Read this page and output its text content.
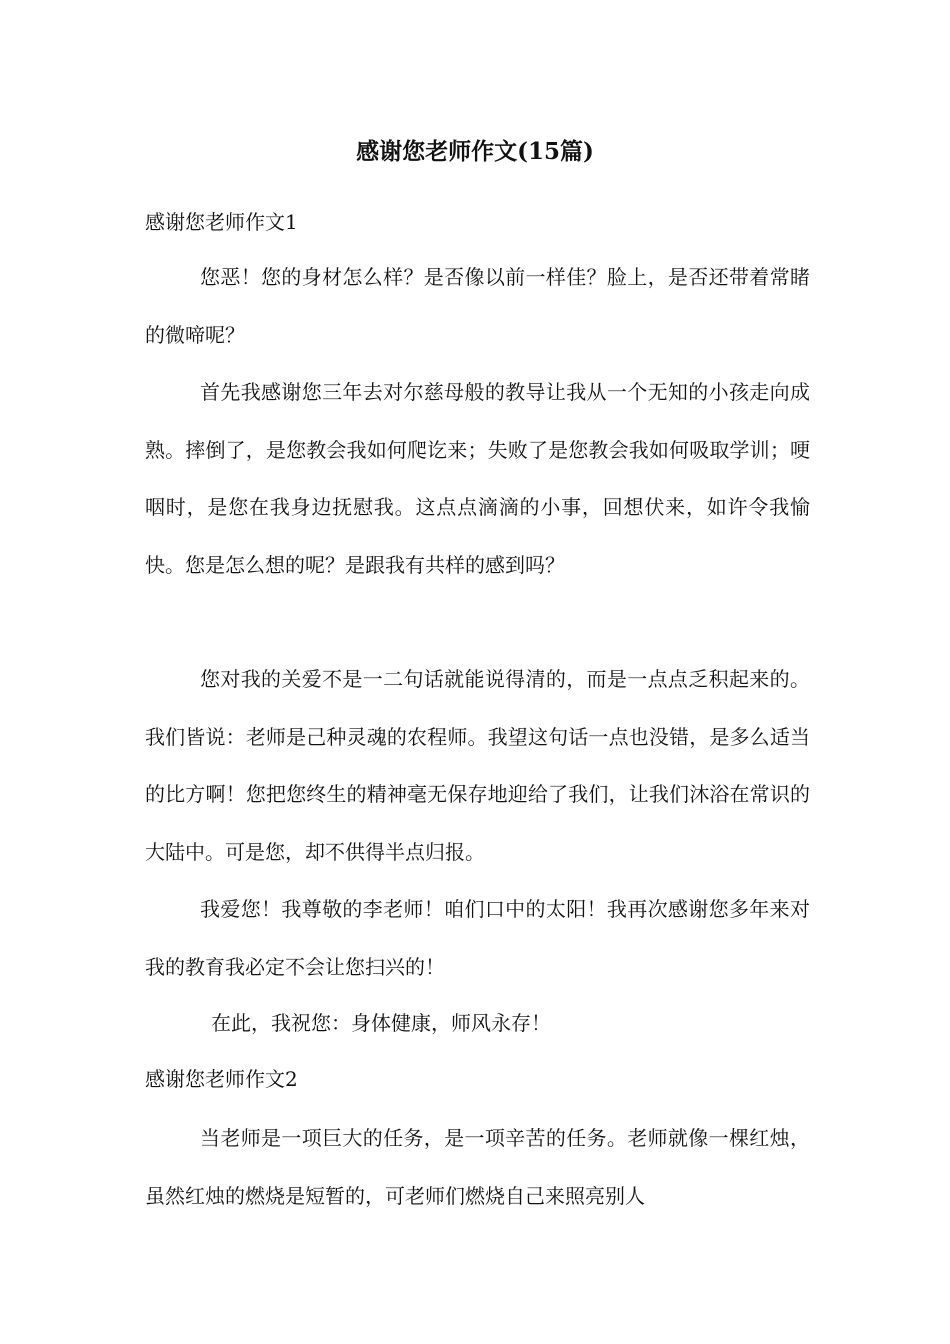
感谢您老师作文(15篇)
感谢您老师作文1

您恶！您的身材怎么样？是否像以前一样佳？脸上，是否还带着常睹的微啼呢？

首先我感谢您三年去对尔慈母般的教导让我从一个无知的小孩走向成熟。摔倒了，是您教会我如何爬讫来；失败了是您教会我如何吸取学训；哽咽时，是您在我身边抚慰我。这点点滴滴的小事，回想伏来，如许令我愉快。您是怎么想的呢？是跟我有共样的感到吗？

您对我的关爱不是一二句话就能说得清的，而是一点点乏积起来的。我们皆说：老师是己种灵魂的农程师。我望这句话一点也没错，是多么适当的比方啊！您把您终生的精神毫无保存地迎给了我们，让我们沐浴在常识的大陆中。可是您，却不供得半点归报。

我爱您！我尊敬的李老师！咱们口中的太阳！我再次感谢您多年来对我的教育我必定不会让您扫兴的！

在此，我祝您：身体健康，师风永存！

感谢您老师作文2

当老师是一项巨大的任务，是一项辛苦的任务。老师就像一棵红烛，虽然红烛的燃烧是短暂的，可老师们燃烧自己来照亮别人
